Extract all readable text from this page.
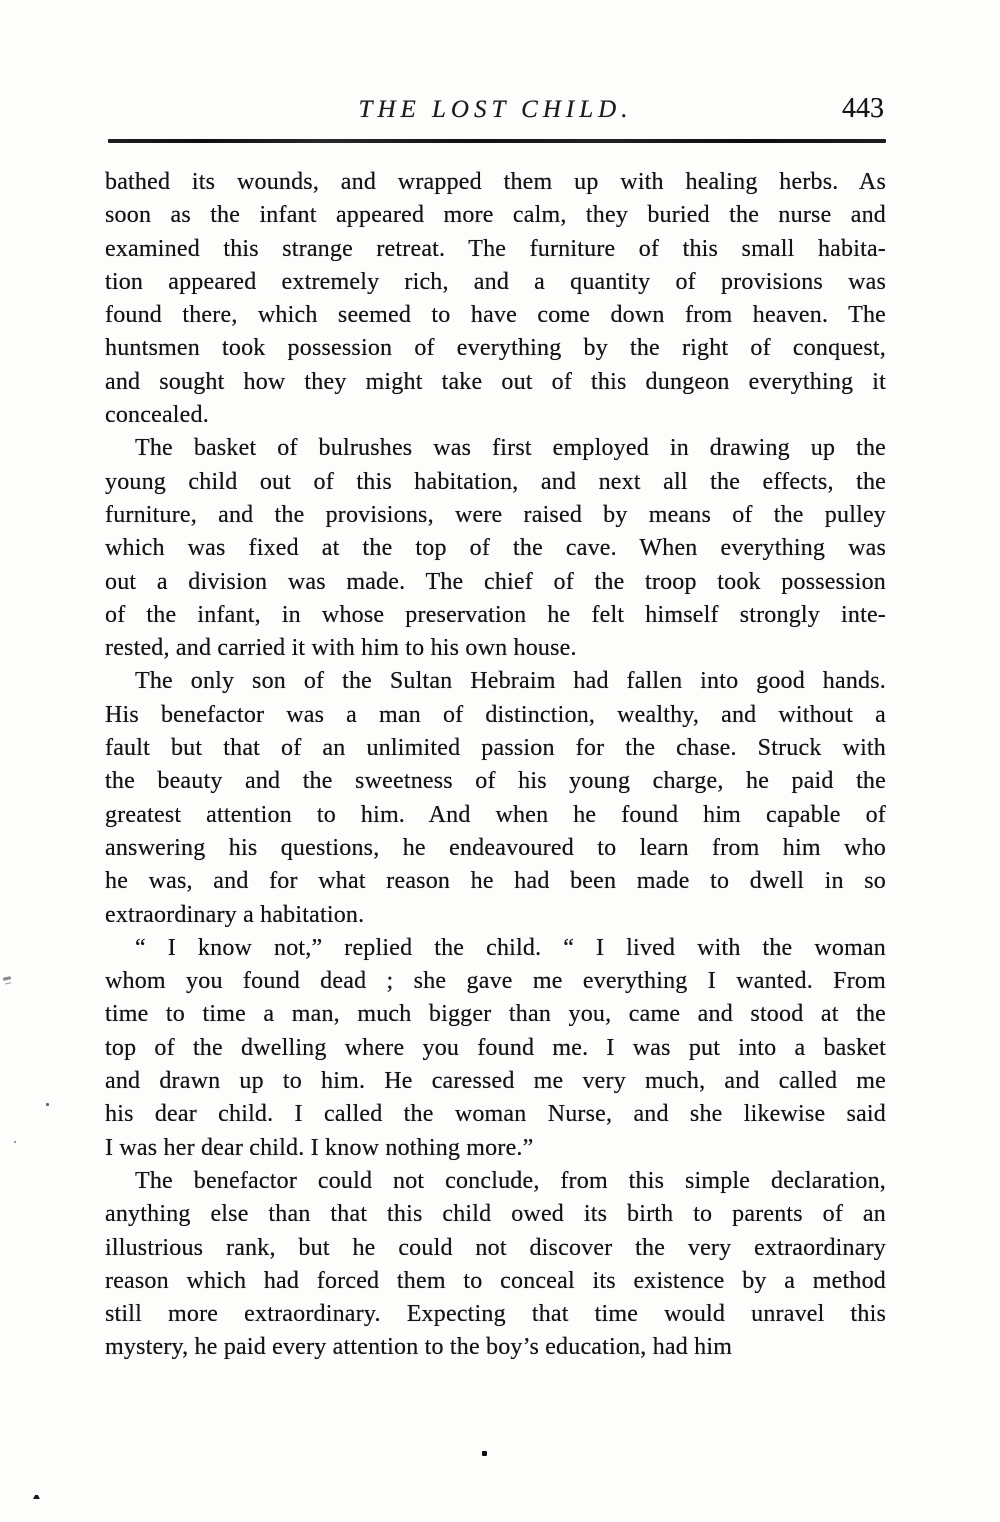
THE LOST CHILD.	443
bathed its wounds, and wrapped them up with healing herbs. As
soon as the infant appeared more calm, they buried the nurse and
examined this strange retreat. The furniture of this small habita-
tion appeared extremely rich, and a quantity of provisions was
found there, which seemed to have come down from heaven. The
huntsmen took possession of everything by the right of conquest,
and sought how they might take out of this dungeon everything it
concealed.
The basket of bulrushes was first employed in drawing up the
young child out of this habitation, and next all the effects, the
furniture, and the provisions, were raised by means of the pulley
which was fixed at the top of the cave. When everything was
out a division was made. The chief of the troop took possession
of the infant, in whose preservation he felt himself strongly inte-
rested, and carried it with him to his own house.
The only son of the Sultan Hebraim had fallen into good hands.
His benefactor was a man of distinction, wealthy, and without a
fault but that of an unlimited passion for the chase. Struck with
the beauty and the sweetness of his young charge, he paid the
greatest attention to him. And when he found him capable of
answering his questions, he endeavoured to learn from him who
he was, and for what reason he had been made to dwell in so
extraordinary a habitation.
“ I know not,” replied the child. “ I lived with the woman
whom you found dead ; she gave me everything I wanted. From
time to time a man, much bigger than you, came and stood at the
top of the dwelling where you found me. I was put into a basket
and drawn up to him. He caressed me very much, and called me
his dear child. I called the woman Nurse, and she likewise said
I was her dear child. I know nothing more.”
The benefactor could not conclude, from this simple declaration,
anything else than that this child owed its birth to parents of an
illustrious rank, but he could not discover the very extraordinary
reason which had forced them to conceal its existence by a method
still more extraordinary. Expecting that time would unravel this
mystery, he paid every attention to the boy’s education, had him
